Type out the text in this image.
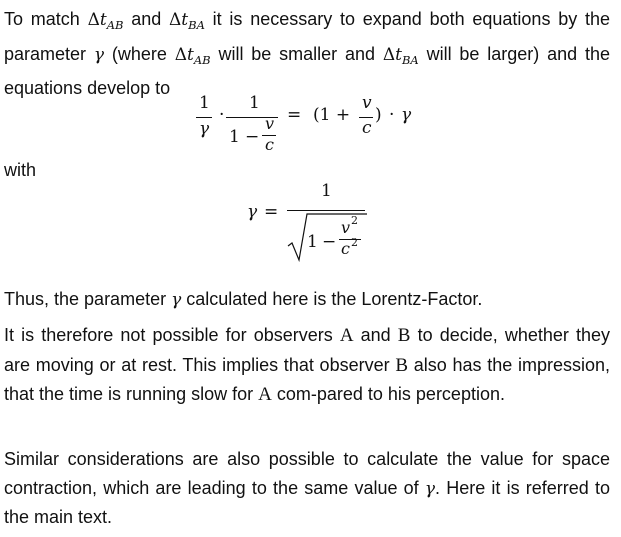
To match $\Delta t_{AB}$ and $\Delta t_{BA}$ it is necessary to expand both equations by the parameter γ (where $\Delta t_{AB}$ will be smaller and $\Delta t_{BA}$ will be larger) and the equations develop to

1
γ
·
1
1 −
v
c
= (1 +
v
c
) · γ

with

γ =
1
1 −
v 2
c 2

Thus, the parameter γ calculated here is the Lorentz-Factor.

It is therefore not possible for observers A and B to decide, whether they are moving or at rest. This implies that observer B also has the impression, that the time is running slow for A com-pared to his perception.

Similar considerations are also possible to calculate the value for space contraction, which are leading to the same value of γ. Here it is referred to the main text.
